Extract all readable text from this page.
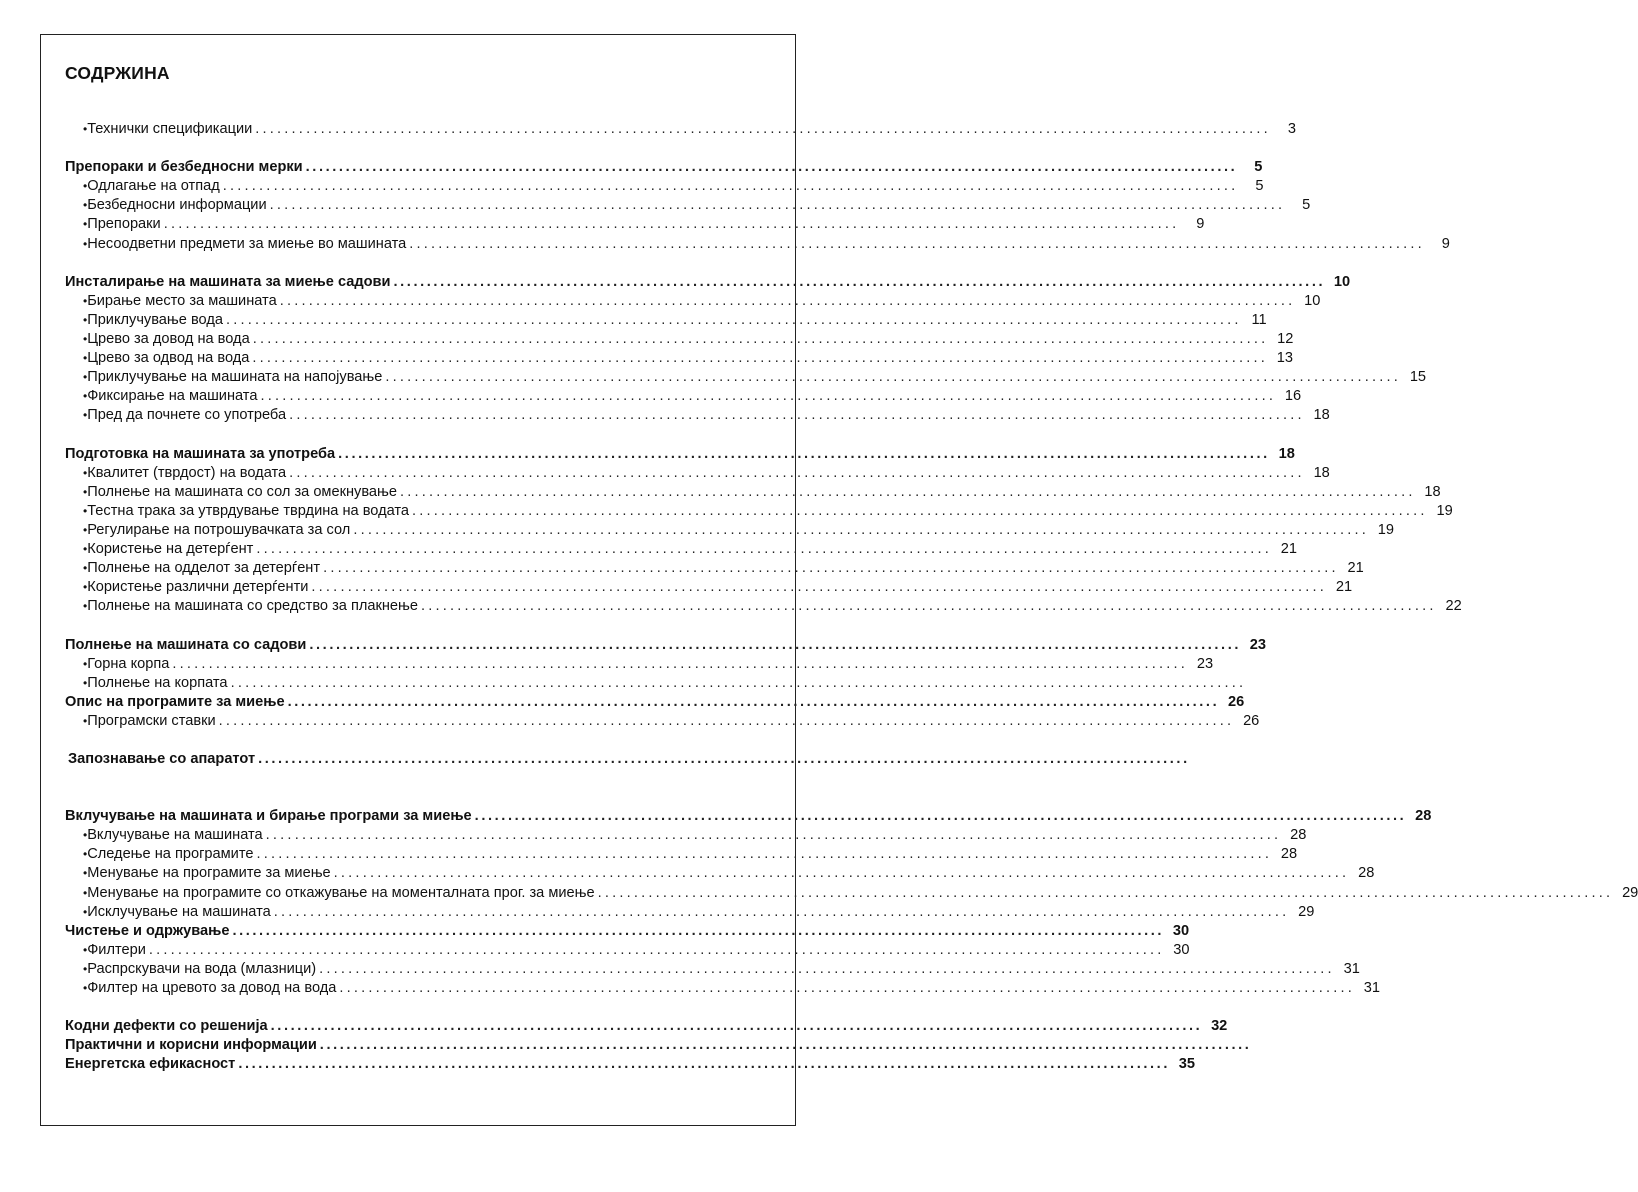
СОДРЖИНА
• Технички спецификации ............................................................................................................................................	3
Препораки и безбедносни мерки ............................................................................................................................................	5
• Одлагање на отпад ............................................................................................................................................	5
• Безбедносни информации ............................................................................................................................................	5
• Препораки ............................................................................................................................................	9
• Несоодветни предмети за миење во машината ............................................................................................................................................	9
Инсталирање на машината за миење садови ............................................................................................................................................ 10
• Бирање место за машината ............................................................................................................................................ 10
• Приклучување вода ............................................................................................................................................ 11
• Црево за довод на вода ............................................................................................................................................ 12
• Црево за одвод на вода ............................................................................................................................................ 13
• Приклучување на машината на напојување ............................................................................................................................................ 15
• Фиксирање на машината ............................................................................................................................................ 16
• Пред да почнете со употреба ............................................................................................................................................ 18
Подготовка на машината за употреба ............................................................................................................................................ 18
• Квалитет (тврдост) на водата ............................................................................................................................................ 18
• Полнење на машината со сол за омекнување ............................................................................................................................................ 18
• Тестна трака за утврдување тврдина на водата ............................................................................................................................................ 19
• Регулирање на потрошувачката за сол ............................................................................................................................................ 19
• Користење на детерѓент ............................................................................................................................................ 21
• Полнење на одделот за детерѓент ............................................................................................................................................ 21
• Користење различни детерѓенти ............................................................................................................................................ 21
• Полнење на машината со средство за плакнење ............................................................................................................................................ 22
Полнење на машината со садови ............................................................................................................................................ 23
• Горна корпа ............................................................................................................................................ 23
• Полнење на корпата ............................................................................................................................................
Опис на програмите за миење ............................................................................................................................................ 26
• Програмски ставки ............................................................................................................................................ 26
Запознавање со апаратот ............................................................................................................................................
Вклучување на машината и бирање програми за миење ............................................................................................................................................ 28
• Вклучување на машината ............................................................................................................................................ 28
• Следење на програмите ............................................................................................................................................ 28
• Менување на програмите за миење ............................................................................................................................................ 28
• Менување на програмите со откажување на моменталната прог. за миење ............................................................................................................................................ 29
• Исклучување на машината ............................................................................................................................................ 29
Чистење и одржување ............................................................................................................................................ 30
• Филтери ............................................................................................................................................ 30
• Распрскувачи на вода (млазници) ............................................................................................................................................ 31
• Филтер на цревото за довод на вода ............................................................................................................................................ 31
Кодни дефекти со решенија ............................................................................................................................................ 32
Практични и корисни информации ............................................................................................................................................
Енергетска ефикасност ............................................................................................................................................ 35
